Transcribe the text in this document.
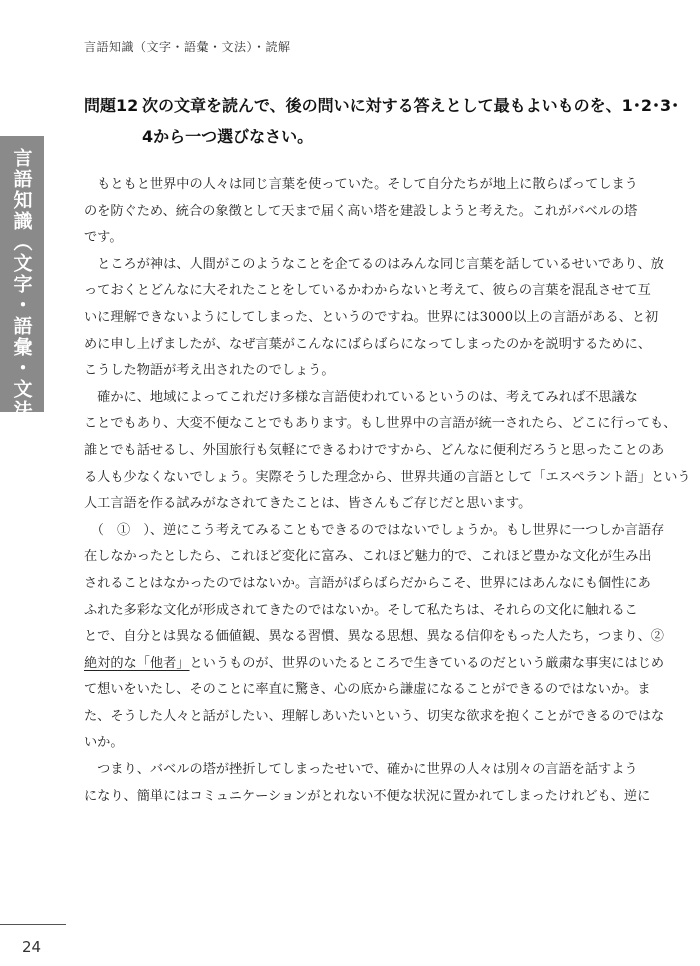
言語知識（文字・語彙・文法）・読解
言語知識（文字・語彙・文法）・読解
問題12 次の文章を読んで、後の問いに対する答えとして最もよいものを、1･2･3･
4から一つ選びなさい。
　もともと世界中の人々は同じ言葉を使っていた。そして自分たちが地上に散らばってしまう
のを防ぐため、統合の象徴として天まで届く高い塔を建設しようと考えた。これがバベルの塔
です。
　ところが神は、人間がこのようなことを企てるのはみんな同じ言葉を話しているせいであり、放
っておくとどんなに大それたことをしているかわからないと考えて、彼らの言葉を混乱させて互
いに理解できないようにしてしまった、というのですね。世界には3000以上の言語がある、と初
めに申し上げましたが、なぜ言葉がこんなにばらばらになってしまったのかを説明するために、
こうした物語が考え出されたのでしょう。
　確かに、地域によってこれだけ多様な言語使われているというのは、考えてみれば不思議な
ことでもあり、大変不便なことでもあります。もし世界中の言語が統一されたら、どこに行っても、
誰とでも話せるし、外国旅行も気軽にできるわけですから、どんなに便利だろうと思ったことのあ
る人も少なくないでしょう。実際そうした理念から、世界共通の言語として「エスペラント語」という
人工言語を作る試みがなされてきたことは、皆さんもご存じだと思います。
　（　①　）、逆にこう考えてみることもできるのではないでしょうか。もし世界に一つしか言語存
在しなかったとしたら、これほど変化に富み、これほど魅力的で、これほど豊かな文化が生み出
されることはなかったのではないか。言語がばらばらだからこそ、世界にはあんなにも個性にあ
ふれた多彩な文化が形成されてきたのではないか。そして私たちは、それらの文化に触れるこ
とで、自分とは異なる価値観、異なる習慣、異なる思想、異なる信仰をもった人たち，つまり、②
絶対的な「他者」というものが、世界のいたるところで生きているのだという厳粛な事実にはじめ
て想いをいたし、そのことに率直に驚き、心の底から謙虚になることができるのではないか。ま
た、そうした人々と話がしたい、理解しあいたいという、切実な欲求を抱くことができるのではな
いか。
　つまり、バベルの塔が挫折してしまったせいで、確かに世界の人々は別々の言語を話すよう
になり、簡単にはコミュニケーションがとれない不便な状況に置かれてしまったけれども、逆に
24
